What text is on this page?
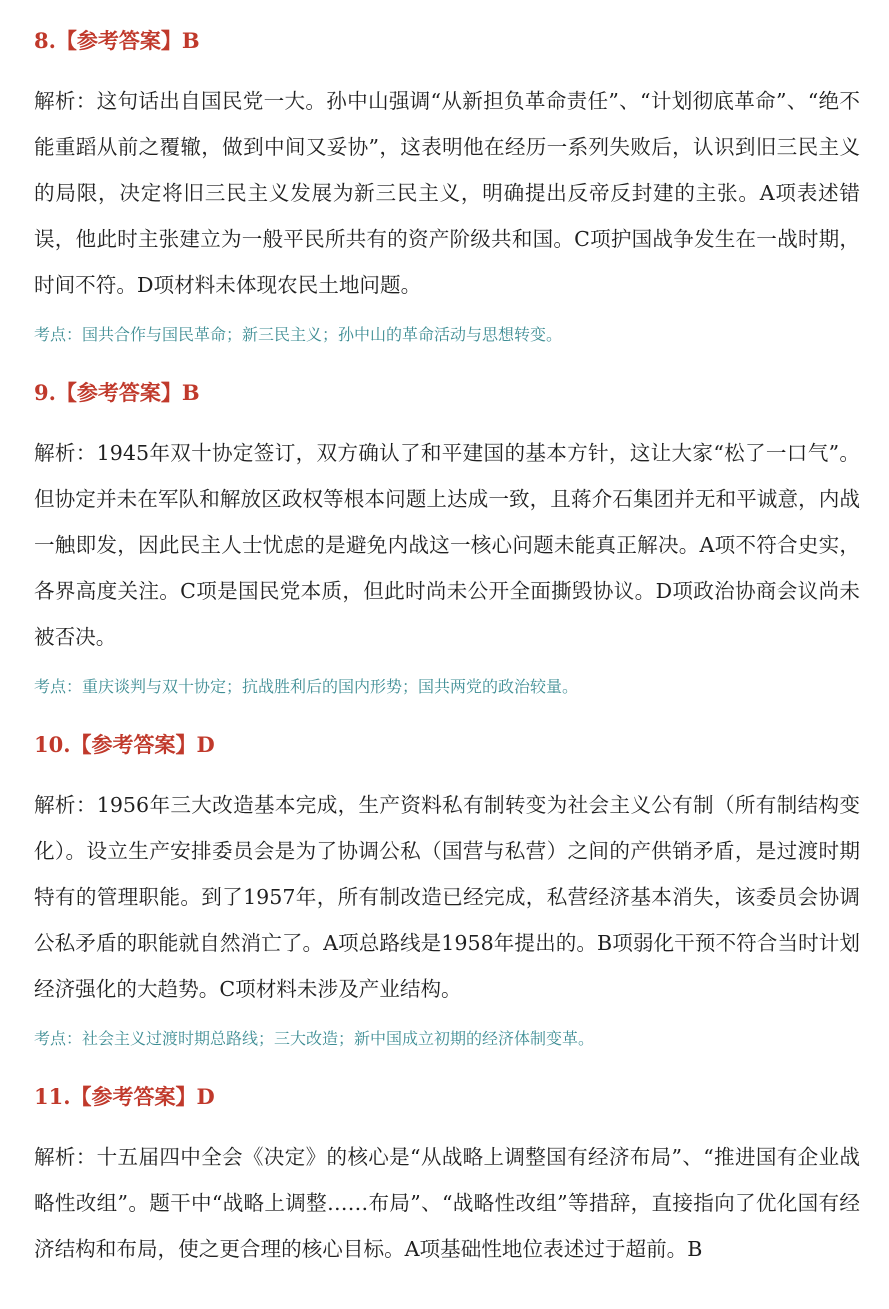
8.【参考答案】B

解析：这句话出自国民党一大。孙中山强调“从新担负革命责任”、“计划彻底革命”、“绝不能重蹈从前之覆辙，做到中间又妥协”，这表明他在经历一系列失败后，认识到旧三民主义的局限，决定将旧三民主义发展为新三民主义，明确提出反帝反封建的主张。A项表述错误，他此时主张建立为一般平民所共有的资产阶级共和国。C项护国战争发生在一战时期，时间不符。D项材料未体现农民土地问题。

考点：国共合作与国民革命；新三民主义；孙中山的革命活动与思想转变。
9.【参考答案】B

解析：1945年双十协定签订，双方确认了和平建国的基本方针，这让大家“松了一口气”。但协定并未在军队和解放区政权等根本问题上达成一致，且蒋介石集团并无和平诚意，内战一触即发，因此民主人士忧虑的是避免内战这一核心问题未能真正解决。A项不符合史实，各界高度关注。C项是国民党本质，但此时尚未公开全面撕毁协议。D项政治协商会议尚未被否决。

考点：重庆谈判与双十协定；抗战胜利后的国内形势；国共两党的政治较量。
10.【参考答案】D

解析：1956年三大改造基本完成，生产资料私有制转变为社会主义公有制（所有制结构变化）。设立生产安排委员会是为了协调公私（国营与私营）之间的产供销矛盾，是过渡时期特有的管理职能。到了1957年，所有制改造已经完成，私营经济基本消失，该委员会协调公私矛盾的职能就自然消亡了。A项总路线是1958年提出的。B项弱化干预不符合当时计划经济强化的大趋势。C项材料未涉及产业结构。

考点：社会主义过渡时期总路线；三大改造；新中国成立初期的经济体制变革。
11.【参考答案】D

解析：十五届四中全会《决定》的核心是“从战略上调整国有经济布局”、“推进国有企业战略性改组”。题干中“战略上调整……布局”、“战略性改组”等措辞，直接指向了优化国有经济结构和布局，使之更合理的核心目标。A项基础性地位表述过于超前。B
